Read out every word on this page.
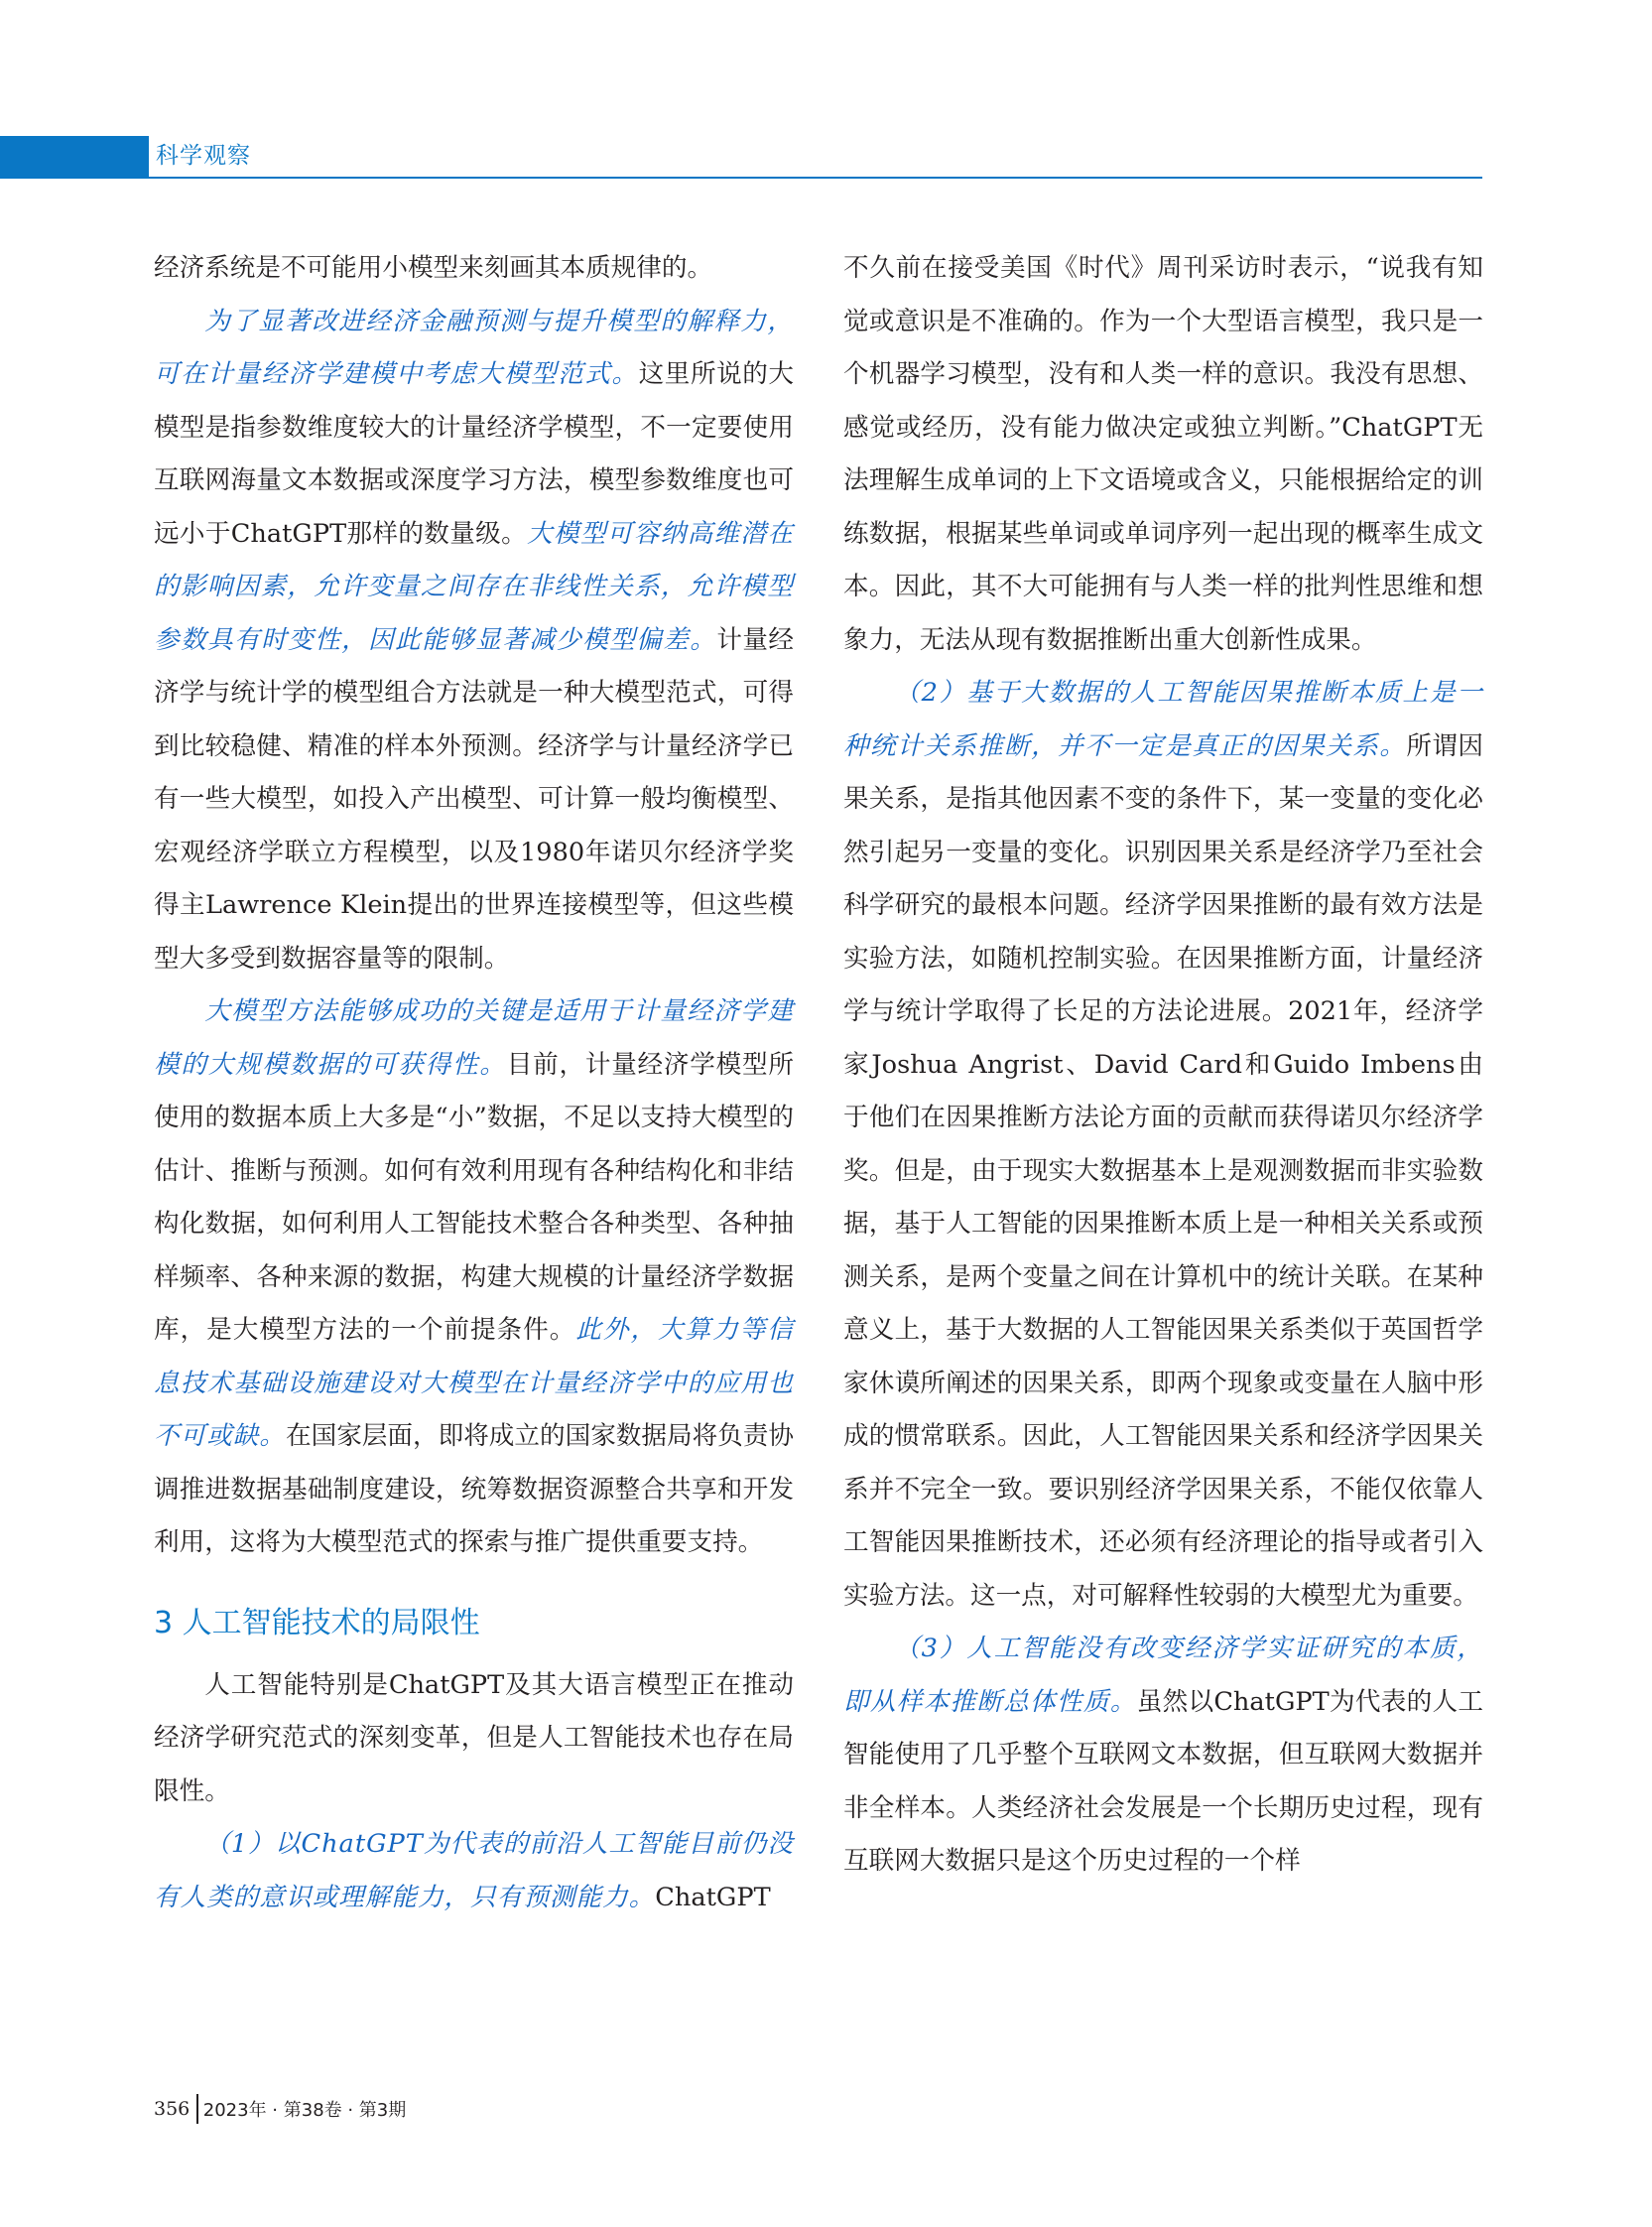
科学观察

经济系统是不可能用小模型来刻画其本质规律的。

为了显著改进经济金融预测与提升模型的解释力，可在计量经济学建模中考虑大模型范式。这里所说的大模型是指参数维度较大的计量经济学模型，不一定要使用互联网海量文本数据或深度学习方法，模型参数维度也可远小于ChatGPT那样的数量级。大模型可容纳高维潜在的影响因素，允许变量之间存在非线性关系，允许模型参数具有时变性，因此能够显著减少模型偏差。计量经济学与统计学的模型组合方法就是一种大模型范式，可得到比较稳健、精准的样本外预测。经济学与计量经济学已有一些大模型，如投入产出模型、可计算一般均衡模型、宏观经济学联立方程模型，以及1980年诺贝尔经济学奖得主Lawrence Klein提出的世界连接模型等，但这些模型大多受到数据容量等的限制。

大模型方法能够成功的关键是适用于计量经济学建模的大规模数据的可获得性。目前，计量经济学模型所使用的数据本质上大多是“小”数据，不足以支持大模型的估计、推断与预测。如何有效利用现有各种结构化和非结构化数据，如何利用人工智能技术整合各种类型、各种抽样频率、各种来源的数据，构建大规模的计量经济学数据库，是大模型方法的一个前提条件。此外，大算力等信息技术基础设施建设对大模型在计量经济学中的应用也不可或缺。在国家层面，即将成立的国家数据局将负责协调推进数据基础制度建设，统筹数据资源整合共享和开发利用，这将为大模型范式的探索与推广提供重要支持。

3 人工智能技术的局限性

人工智能特别是ChatGPT及其大语言模型正在推动经济学研究范式的深刻变革，但是人工智能技术也存在局限性。

（1）以ChatGPT为代表的前沿人工智能目前仍没有人类的意识或理解能力，只有预测能力。ChatGPT

不久前在接受美国《时代》周刊采访时表示，“说我有知觉或意识是不准确的。作为一个大型语言模型，我只是一个机器学习模型，没有和人类一样的意识。我没有思想、感觉或经历，没有能力做决定或独立判断。”ChatGPT无法理解生成单词的上下文语境或含义，只能根据给定的训练数据，根据某些单词或单词序列一起出现的概率生成文本。因此，其不大可能拥有与人类一样的批判性思维和想象力，无法从现有数据推断出重大创新性成果。

（2）基于大数据的人工智能因果推断本质上是一种统计关系推断，并不一定是真正的因果关系。所谓因果关系，是指其他因素不变的条件下，某一变量的变化必然引起另一变量的变化。识别因果关系是经济学乃至社会科学研究的最根本问题。经济学因果推断的最有效方法是实验方法，如随机控制实验。在因果推断方面，计量经济学与统计学取得了长足的方法论进展。2021年，经济学家Joshua Angrist、David Card和Guido Imbens由于他们在因果推断方法论方面的贡献而获得诺贝尔经济学奖。但是，由于现实大数据基本上是观测数据而非实验数据，基于人工智能的因果推断本质上是一种相关关系或预测关系，是两个变量之间在计算机中的统计关联。在某种意义上，基于大数据的人工智能因果关系类似于英国哲学家休谟所阐述的因果关系，即两个现象或变量在人脑中形成的惯常联系。因此，人工智能因果关系和经济学因果关系并不完全一致。要识别经济学因果关系，不能仅依靠人工智能因果推断技术，还必须有经济理论的指导或者引入实验方法。这一点，对可解释性较弱的大模型尤为重要。

（3）人工智能没有改变经济学实证研究的本质，即从样本推断总体性质。虽然以ChatGPT为代表的人工智能使用了几乎整个互联网文本数据，但互联网大数据并非全样本。人类经济社会发展是一个长期历史过程，现有互联网大数据只是这个历史过程的一个样

356 2023年 · 第38卷 · 第3期
